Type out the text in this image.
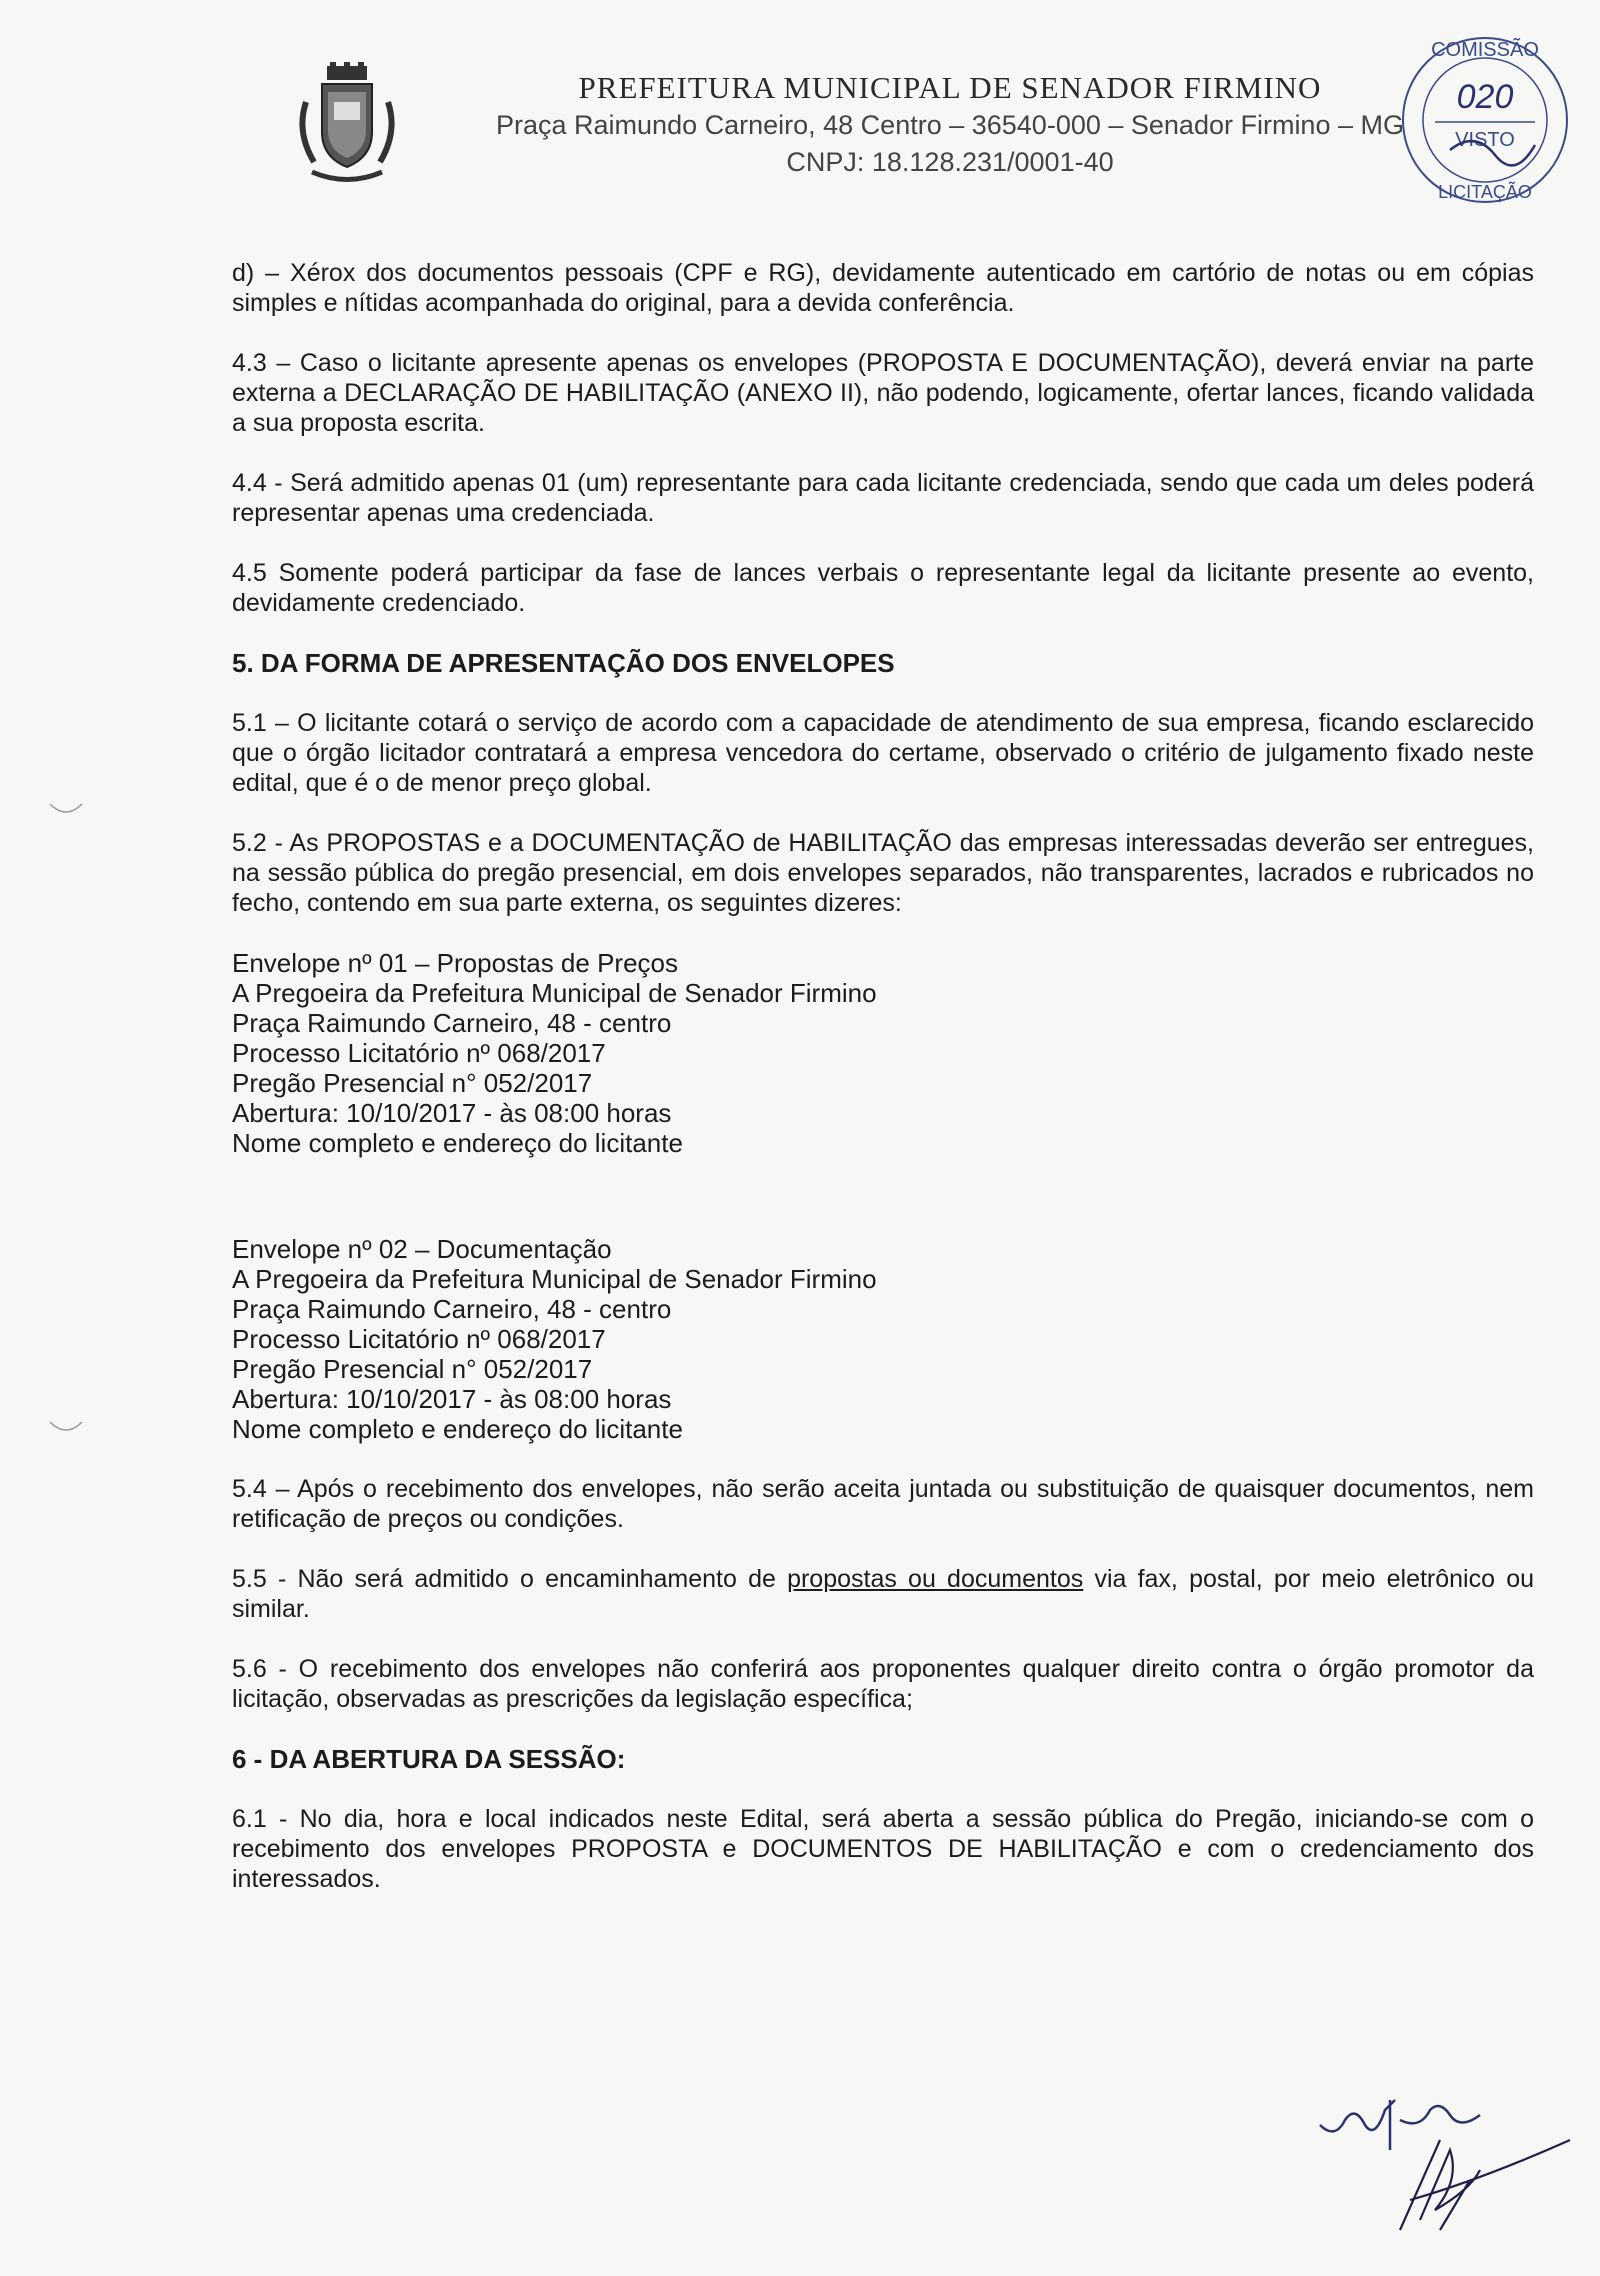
PREFEITURA MUNICIPAL DE SENADOR FIRMINO
Praça Raimundo Carneiro, 48 Centro – 36540-000 – Senador Firmino – MG
CNPJ: 18.128.231/0001-40
COMISSÃO
020
VISTO
LICITAÇÃO

d) – Xérox dos documentos pessoais (CPF e RG), devidamente autenticado em cartório de notas ou em cópias simples e nítidas acompanhada do original, para a devida conferência.

4.3 – Caso o licitante apresente apenas os envelopes (PROPOSTA E DOCUMENTAÇÃO), deverá enviar na parte externa a DECLARAÇÃO DE HABILITAÇÃO (ANEXO II), não podendo, logicamente, ofertar lances, ficando validada a sua proposta escrita.

4.4 - Será admitido apenas 01 (um) representante para cada licitante credenciada, sendo que cada um deles poderá representar apenas uma credenciada.

4.5 Somente poderá participar da fase de lances verbais o representante legal da licitante presente ao evento, devidamente credenciado.

5. DA FORMA DE APRESENTAÇÃO DOS ENVELOPES

5.1 – O licitante cotará o serviço de acordo com a capacidade de atendimento de sua empresa, ficando esclarecido que o órgão licitador contratará a empresa vencedora do certame, observado o critério de julgamento fixado neste edital, que é o de menor preço global.

5.2 - As PROPOSTAS e a DOCUMENTAÇÃO de HABILITAÇÃO das empresas interessadas deverão ser entregues, na sessão pública do pregão presencial, em dois envelopes separados, não transparentes, lacrados e rubricados no fecho, contendo em sua parte externa, os seguintes dizeres:

Envelope nº 01 – Propostas de Preços
A Pregoeira da Prefeitura Municipal de Senador Firmino
Praça Raimundo Carneiro, 48 - centro
Processo Licitatório nº 068/2017
Pregão Presencial n° 052/2017
Abertura: 10/10/2017 - às 08:00 horas
Nome completo e endereço do licitante
Envelope nº 02 – Documentação
A Pregoeira da Prefeitura Municipal de Senador Firmino
Praça Raimundo Carneiro, 48 - centro
Processo Licitatório nº 068/2017
Pregão Presencial n° 052/2017
Abertura: 10/10/2017 - às 08:00 horas
Nome completo e endereço do licitante

5.4 – Após o recebimento dos envelopes, não serão aceita juntada ou substituição de quaisquer documentos, nem retificação de preços ou condições.

5.5 - Não será admitido o encaminhamento de propostas ou documentos via fax, postal, por meio eletrônico ou similar.

5.6 - O recebimento dos envelopes não conferirá aos proponentes qualquer direito contra o órgão promotor da licitação, observadas as prescrições da legislação específica;

6 - DA ABERTURA DA SESSÃO:

6.1 - No dia, hora e local indicados neste Edital, será aberta a sessão pública do Pregão, iniciando-se com o recebimento dos envelopes PROPOSTA e DOCUMENTOS DE HABILITAÇÃO e com o credenciamento dos interessados.
